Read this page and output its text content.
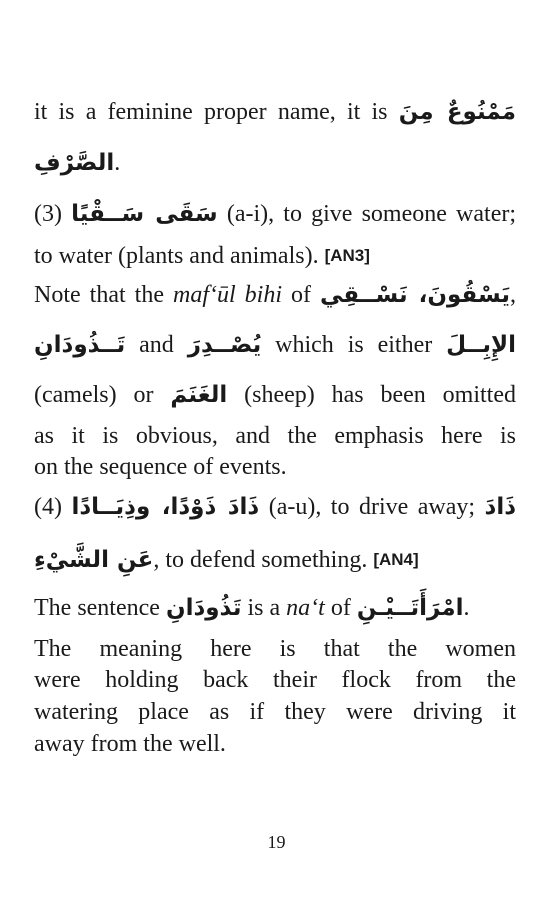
it is a feminine proper name, it is مَمْنُوعٌ مِنَ
الصَّرْفِ.
(3) سَقَى سَــقْيًا (a-i), to give someone water;
to water (plants and animals). [AN3]
Note that the maf‘ūl bihi of يَسْقُونَ، نَسْــقِي,
تَــذُودَانِ and يُصْــدِرَ which is either الإِبِــلَ
(camels) or الغَنَمَ (sheep) has been omitted
as it is obvious, and the emphasis here is
on the sequence of events.
(4) ذَادَ ذَوْدًا، وذِيَــادًا (a-u), to drive away; ذَادَ
عَنِ الشَّيْءِ, to defend something. [AN4]
The sentence تَذُودَانِ is a na‘t of امْرَأَتَــيْـنِ.
The meaning here is that the women
were holding back their flock from the
watering place as if they were driving it
away from the well.
19
